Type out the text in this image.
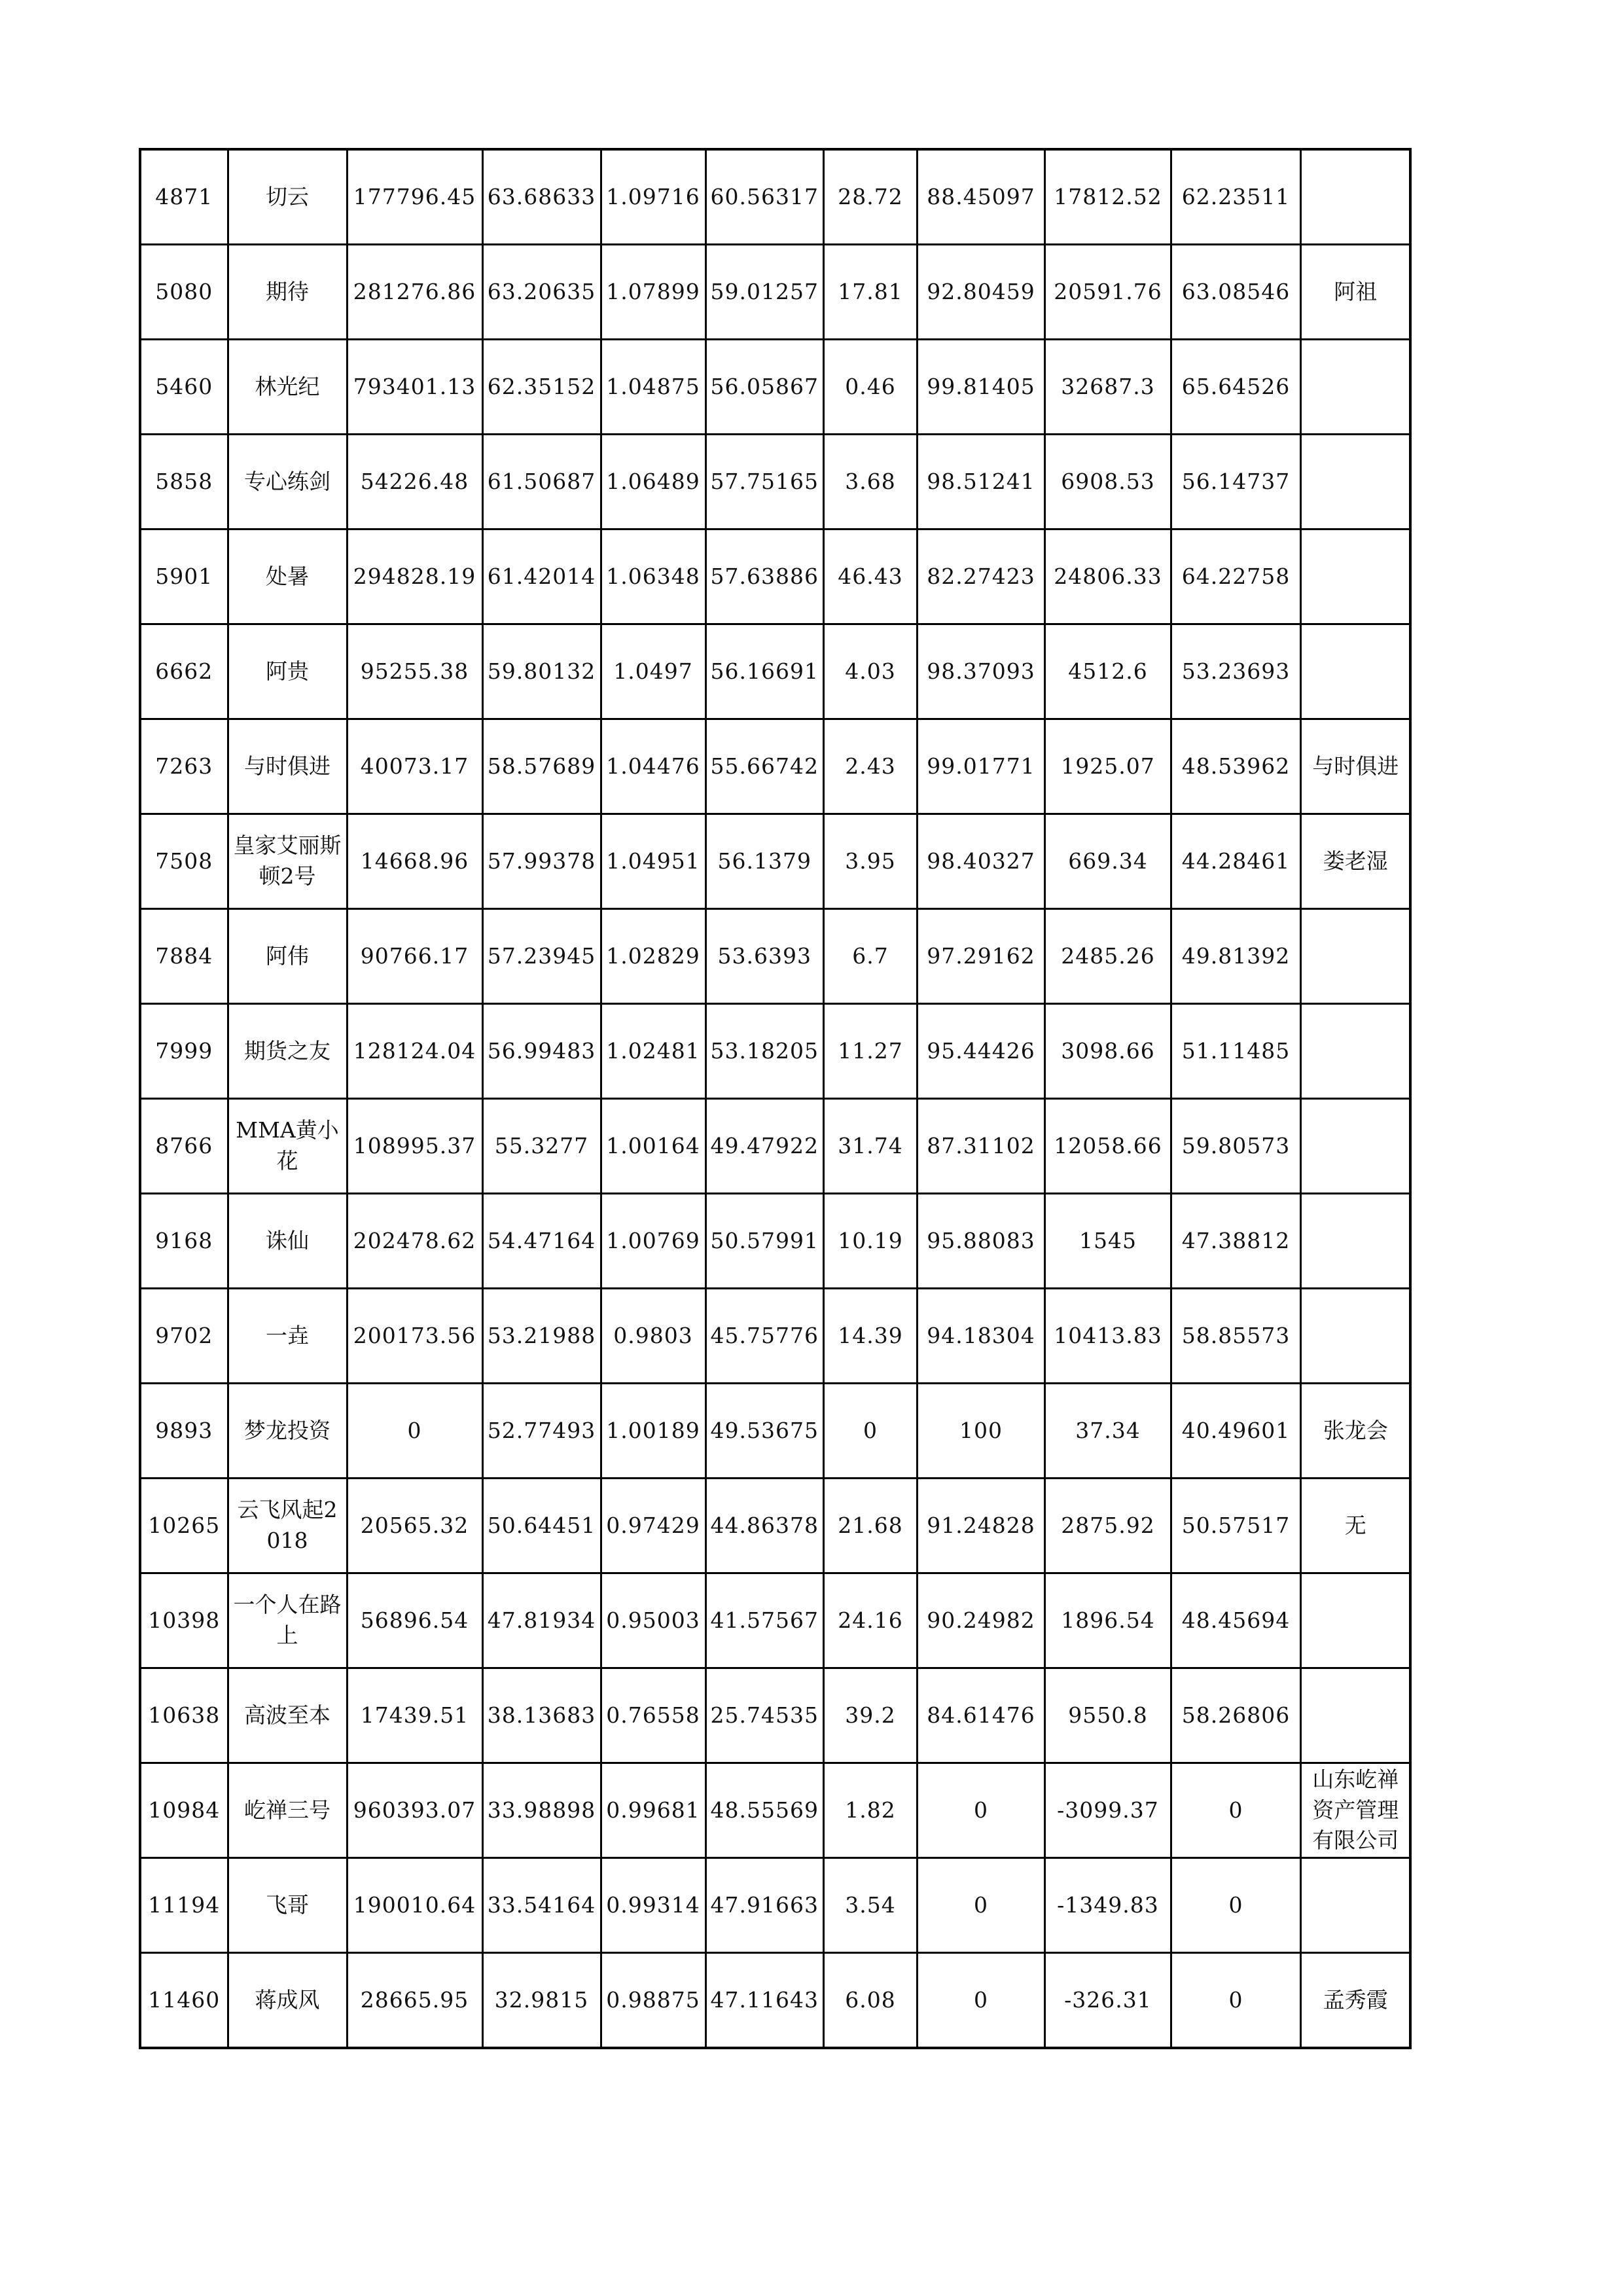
4871	切云	177796.45	63.68633	1.09716	60.56317	28.72	88.45097	17812.52	62.23511	
5080	期待	281276.86	63.20635	1.07899	59.01257	17.81	92.80459	20591.76	63.08546	阿祖
5460	林光纪	793401.13	62.35152	1.04875	56.05867	0.46	99.81405	32687.3	65.64526	
5858	专心练剑	54226.48	61.50687	1.06489	57.75165	3.68	98.51241	6908.53	56.14737	
5901	处暑	294828.19	61.42014	1.06348	57.63886	46.43	82.27423	24806.33	64.22758	
6662	阿贵	95255.38	59.80132	1.0497	56.16691	4.03	98.37093	4512.6	53.23693	
7263	与时俱进	40073.17	58.57689	1.04476	55.66742	2.43	99.01771	1925.07	48.53962	与时俱进
7508	皇家艾丽斯顿2号	14668.96	57.99378	1.04951	56.1379	3.95	98.40327	669.34	44.28461	娄老湿
7884	阿伟	90766.17	57.23945	1.02829	53.6393	6.7	97.29162	2485.26	49.81392	
7999	期货之友	128124.04	56.99483	1.02481	53.18205	11.27	95.44426	3098.66	51.11485	
8766	MMA黄小花	108995.37	55.3277	1.00164	49.47922	31.74	87.31102	12058.66	59.80573	
9168	诛仙	202478.62	54.47164	1.00769	50.57991	10.19	95.88083	1545	47.38812	
9702	一垚	200173.56	53.21988	0.9803	45.75776	14.39	94.18304	10413.83	58.85573	
9893	梦龙投资	0	52.77493	1.00189	49.53675	0	100	37.34	40.49601	张龙会
10265	云飞风起2018	20565.32	50.64451	0.97429	44.86378	21.68	91.24828	2875.92	50.57517	无
10398	一个人在路上	56896.54	47.81934	0.95003	41.57567	24.16	90.24982	1896.54	48.45694	
10638	高波至本	17439.51	38.13683	0.76558	25.74535	39.2	84.61476	9550.8	58.26806	
10984	屹禅三号	960393.07	33.98898	0.99681	48.55569	1.82	0	-3099.37	0	山东屹禅资产管理有限公司
11194	飞哥	190010.64	33.54164	0.99314	47.91663	3.54	0	-1349.83	0	
11460	蒋成风	28665.95	32.9815	0.98875	47.11643	6.08	0	-326.31	0	孟秀霞
